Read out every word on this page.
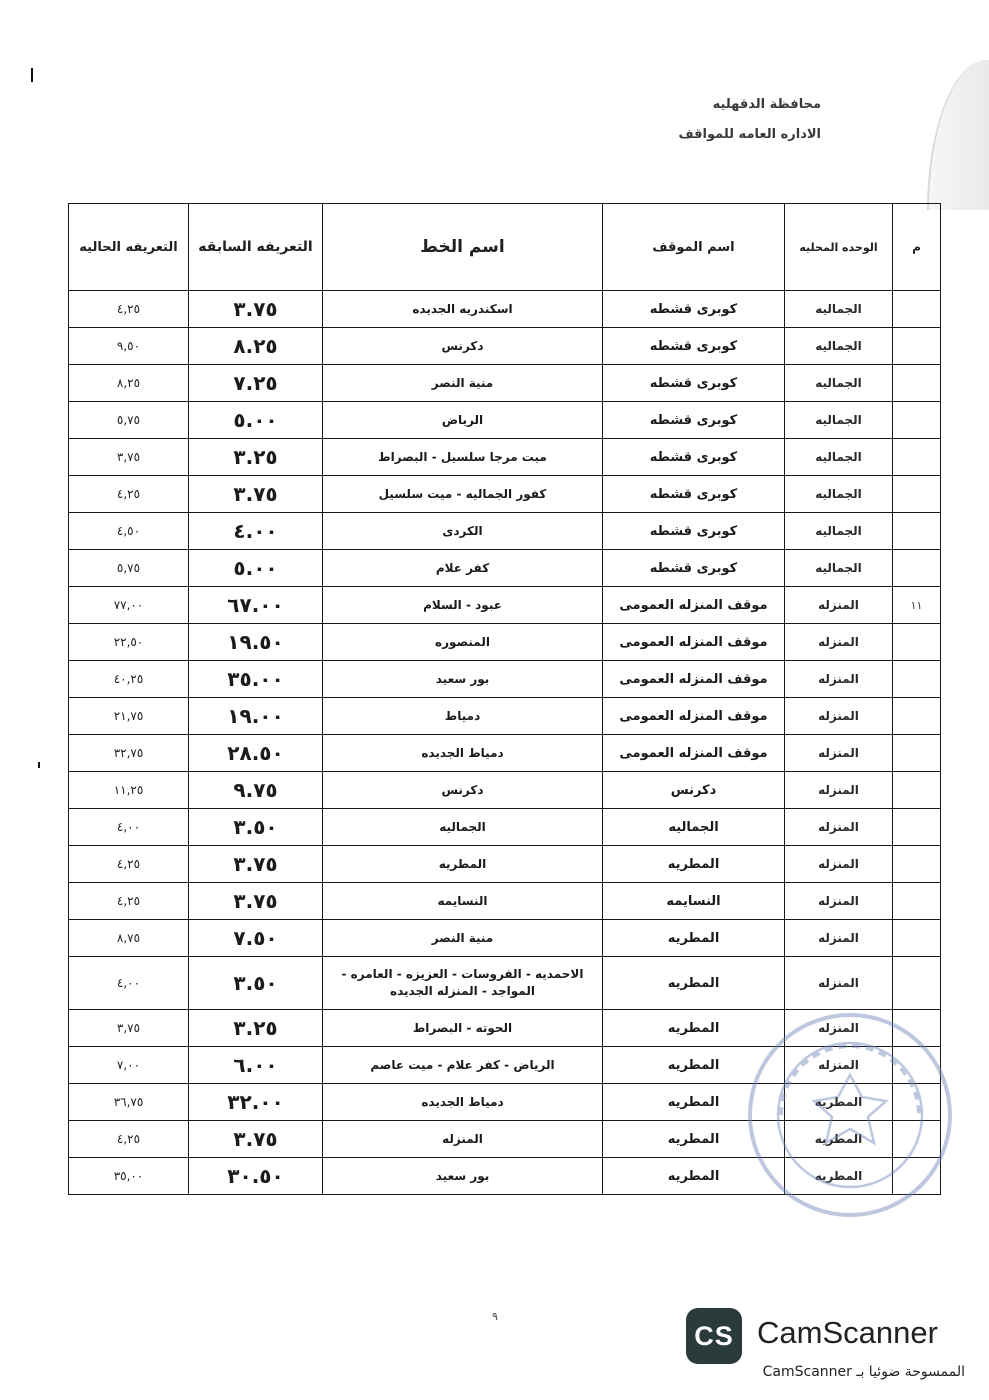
محافظة الدقهليه
الاداره العامه للمواقف
م	الوحده المحليه	اسم الموقف	اسم الخط	التعريفه السابقه	التعريفه الحاليه
	الجماليه	كوبرى قشطه	اسكندريه الجديده	٣.٧٥	٤,٢٥
	الجماليه	كوبرى قشطه	دكرنس	٨.٢٥	٩,٥٠
	الجماليه	كوبرى قشطه	منية النصر	٧.٢٥	٨,٢٥
	الجماليه	كوبرى قشطه	الرياض	٥.٠٠	٥,٧٥
	الجماليه	كوبرى قشطه	ميت مرجا سلسيل - البصراط	٣.٢٥	٣,٧٥
	الجماليه	كوبرى قشطه	كفور الجماليه - ميت سلسيل	٣.٧٥	٤,٢٥
	الجماليه	كوبرى قشطه	الكردى	٤.٠٠	٤,٥٠
	الجماليه	كوبرى قشطه	كفر علام	٥.٠٠	٥,٧٥
١١	المنزله	موقف المنزله العمومى	عبود - السلام	٦٧.٠٠	٧٧,٠٠
	المنزله	موقف المنزله العمومى	المنصوره	١٩.٥٠	٢٢,٥٠
	المنزله	موقف المنزله العمومى	بور سعيد	٣٥.٠٠	٤٠,٢٥
	المنزله	موقف المنزله العمومى	دمياط	١٩.٠٠	٢١,٧٥
	المنزله	موقف المنزله العمومى	دمياط الجديده	٢٨.٥٠	٣٢,٧٥
	المنزله	دكرنس	دكرنس	٩.٧٥	١١,٢٥
	المنزله	الجماليه	الجماليه	٣.٥٠	٤,٠٠
	المنزله	المطريه	المطريه	٣.٧٥	٤,٢٥
	المنزله	النسايمه	النسايمه	٣.٧٥	٤,٢٥
	المنزله	المطريه	منية النصر	٧.٥٠	٨,٧٥
	المنزله	المطريه	الاحمديه - الفروسات - العزيزه - العامره - المواجد - المنزله الجديده	٣.٥٠	٤,٠٠
	المنزله	المطريه	الحوته - البصراط	٣.٢٥	٣,٧٥
	المنزله	المطريه	الرياض - كفر علام - ميت عاصم	٦.٠٠	٧,٠٠
	المطريه	المطريه	دمياط الجديده	٣٢.٠٠	٣٦,٧٥
	المطريه	المطريه	المنزله	٣.٧٥	٤,٢٥
	المطريه	المطريه	بور سعيد	٣٠.٥٠	٣٥,٠٠
٩
CS CamScanner
الممسوحة ضوئيا بـ CamScanner
